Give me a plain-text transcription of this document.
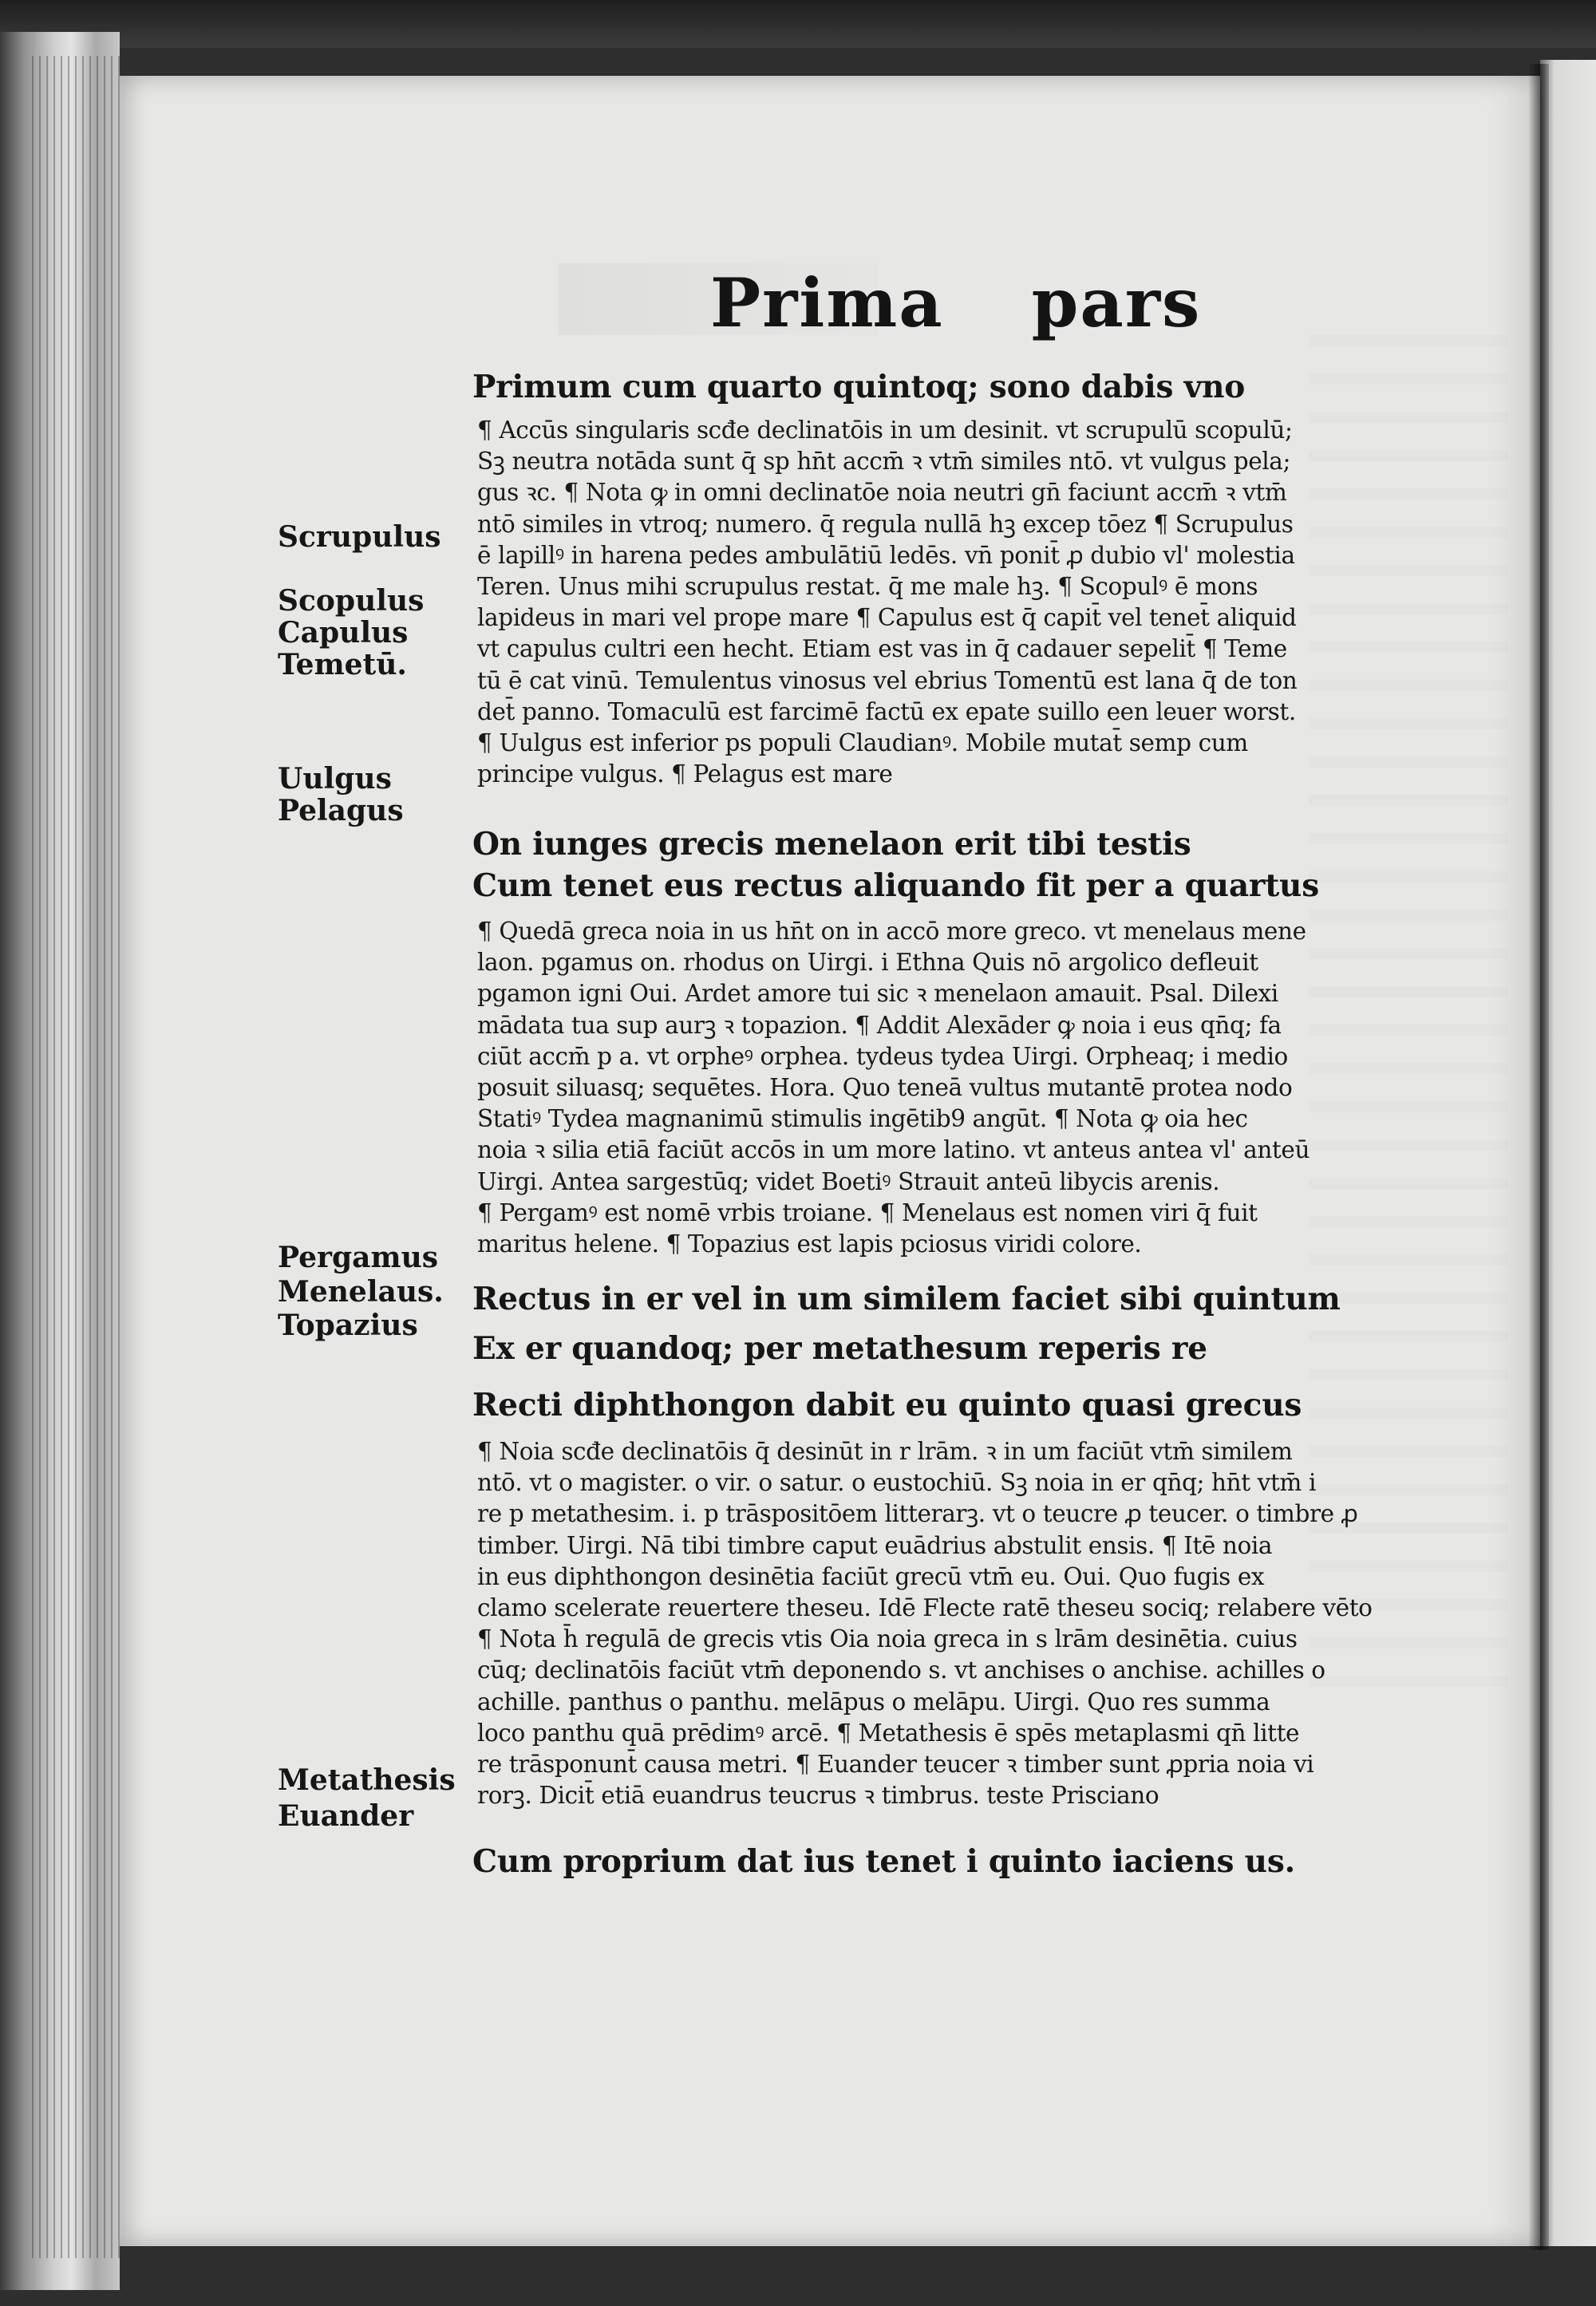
Prima pars
Primum cum quarto quintoq; sono dabis vno
¶ Accūs singularis scđe declinatōis in um desinit. vt scrupulū scopulū;
Sꝫ neutra notāda sunt q̄ sp hn̄t accm̄ ꝛ vtm̄ similes ntō. vt vulgus pela;
gus ꝛc. ¶ Nota ꝙ in omni declinatōe noia neutri gn̄ faciunt accm̄ ꝛ vtm̄
ntō similes in vtroq; numero. q̄ regula nullā hꝫ excep tōez ¶ Scrupulus
ē lapillꝰ in harena pedes ambulātiū ledēs. vn̄ ponit̄ ꝓ dubio vl' molestia
Teren. Unus mihi scrupulus restat. q̄ me male hꝫ. ¶ Scopulꝰ ē mons
lapideus in mari vel prope mare ¶ Capulus est q̄ capit̄ vel tenet̄ aliquid
vt capulus cultri een hecht. Etiam est vas in q̄ cadauer sepelit̄ ¶ Teme
tū ē cat vinū. Temulentus vinosus vel ebrius Tomentū est lana q̄ de ton
det̄ panno. Tomaculū est farcimē factū ex epate suillo een leuer worst.
¶ Uulgus est inferior ps populi Claudianꝰ. Mobile mutat̄ semp cum
principe vulgus. ¶ Pelagus est mare
On iunges grecis menelaon erit tibi testis
Cum tenet eus rectus aliquando fit per a quartus
¶ Quedā greca noia in us hn̄t on in accō more greco. vt menelaus mene
laon. pgamus on. rhodus on Uirgi. i Ethna Quis nō argolico defleuit
pgamon igni Oui. Ardet amore tui sic ꝛ menelaon amauit. Psal. Dilexi
mādata tua sup aurꝫ ꝛ topazion. ¶ Addit Alexāder ꝙ noia i eus qn̄q; fa
ciūt accm̄ p a. vt orpheꝰ orphea. tydeus tydea Uirgi. Orpheaq; i medio
posuit siluasq; sequētes. Hora. Quo teneā vultus mutantē protea nodo
Statiꝰ Tydea magnanimū stimulis ingētib9 angūt. ¶ Nota ꝙ oia hec
noia ꝛ silia etiā faciūt accōs in um more latino. vt anteus antea vl' anteū
Uirgi. Antea sargestūq; videt Boetiꝰ Strauit anteū libycis arenis.
¶ Pergamꝰ est nomē vrbis troiane. ¶ Menelaus est nomen viri q̄ fuit
maritus helene. ¶ Topazius est lapis pciosus viridi colore.
Rectus in er vel in um similem faciet sibi quintum
Ex er quandoq; per metathesum reperis re
Recti diphthongon dabit eu quinto quasi grecus
¶ Noia scđe declinatōis q̄ desinūt in r lrām. ꝛ in um faciūt vtm̄ similem
ntō. vt o magister. o vir. o satur. o eustochiū. Sꝫ noia in er qn̄q; hn̄t vtm̄ i
re p metathesim. i. p trāspositōem litterarꝫ. vt o teucre ꝓ teucer. o timbre ꝓ
timber. Uirgi. Nā tibi timbre caput euādrius abstulit ensis. ¶ Itē noia
in eus diphthongon desinētia faciūt grecū vtm̄ eu. Oui. Quo fugis ex
clamo scelerate reuertere theseu. Idē Flecte ratē theseu sociq; relabere vēto
¶ Nota h̄ regulā de grecis vtis Oia noia greca in s lrām desinētia. cuius
cūq; declinatōis faciūt vtm̄ deponendo s. vt anchises o anchise. achilles o
achille. panthus o panthu. melāpus o melāpu. Uirgi. Quo res summa
loco panthu quā prēdimꝰ arcē. ¶ Metathesis ē spēs metaplasmi qn̄ litte
re trāsponunt̄ causa metri. ¶ Euander teucer ꝛ timber sunt ꝓpria noia vi
rorꝫ. Dicit̄ etiā euandrus teucrus ꝛ timbrus. teste Prisciano
Cum proprium dat ius tenet i quinto iaciens us.
Scrupulus
Scopulus
Capulus
Temetū.
Uulgus
Pelagus
Pergamus
Menelaus.
Topazius
Metathesis
Euander
